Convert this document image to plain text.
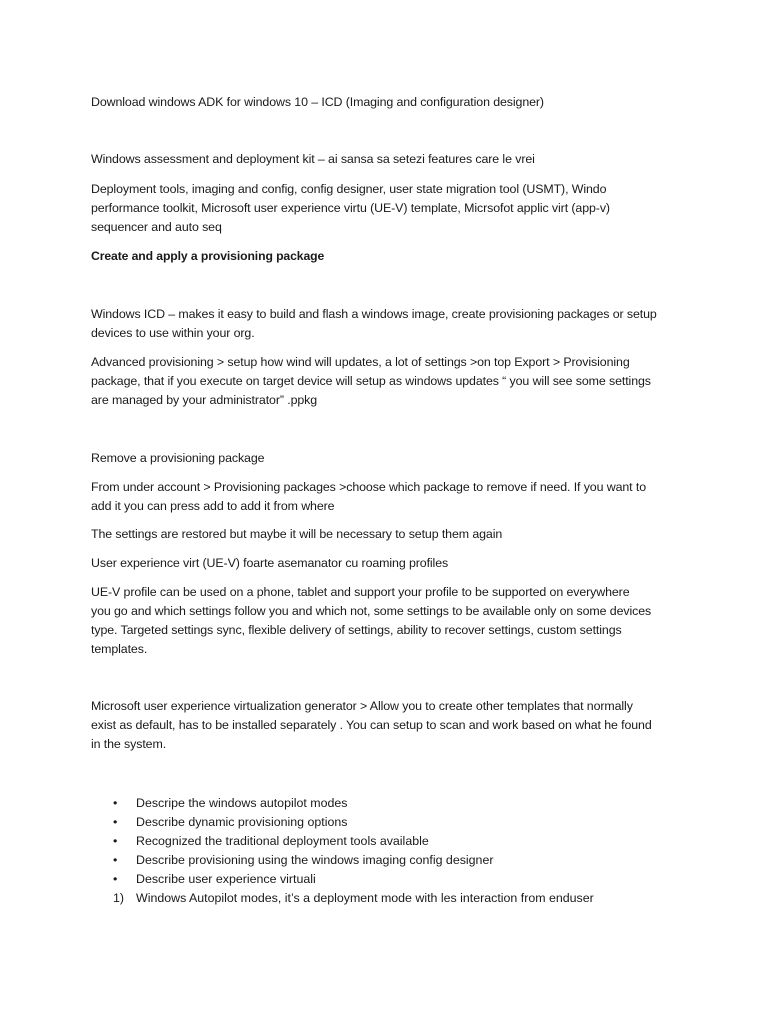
Download windows ADK for windows 10 – ICD (Imaging and configuration designer)
Windows assessment and deployment kit – ai sansa sa setezi features care le vrei
Deployment tools, imaging and config, config designer, user state migration tool (USMT), Windo
performance toolkit, Microsoft user experience virtu (UE-V) template, Micrsofot applic virt (app-v)
sequencer and auto seq
Create and apply a provisioning package
Windows ICD – makes it easy to build and flash a windows image, create provisioning packages or setup
devices to use within your org.
Advanced provisioning > setup how wind will updates, a lot of settings >on top Export > Provisioning
package, that if you execute on target device will setup as windows updates “ you will see some settings
are managed by your administrator” .ppkg
Remove a provisioning package
From under account > Provisioning packages >choose which package to remove if need. If you want to
add it you can press add to add it from where
The settings are restored but maybe it will be necessary to setup them again
User experience virt (UE-V) foarte asemanator cu roaming profiles
UE-V profile can be used on a phone, tablet and support your profile to be supported on everywhere
you go and which settings follow you and which not, some settings to be available only on some devices
type. Targeted settings sync, flexible delivery of settings, ability to recover settings, custom settings
templates.
Microsoft user experience virtualization generator > Allow you to create other templates that normally
exist as default, has to be installed separately . You can setup to scan and work based on what he found
in the system.
• Descripe the windows autopilot modes
• Describe dynamic provisioning options
• Recognized the traditional deployment tools available
• Describe provisioning using the windows imaging config designer
• Describe user experience virtuali
1) Windows Autopilot modes, it’s a deployment mode with les interaction from enduser
